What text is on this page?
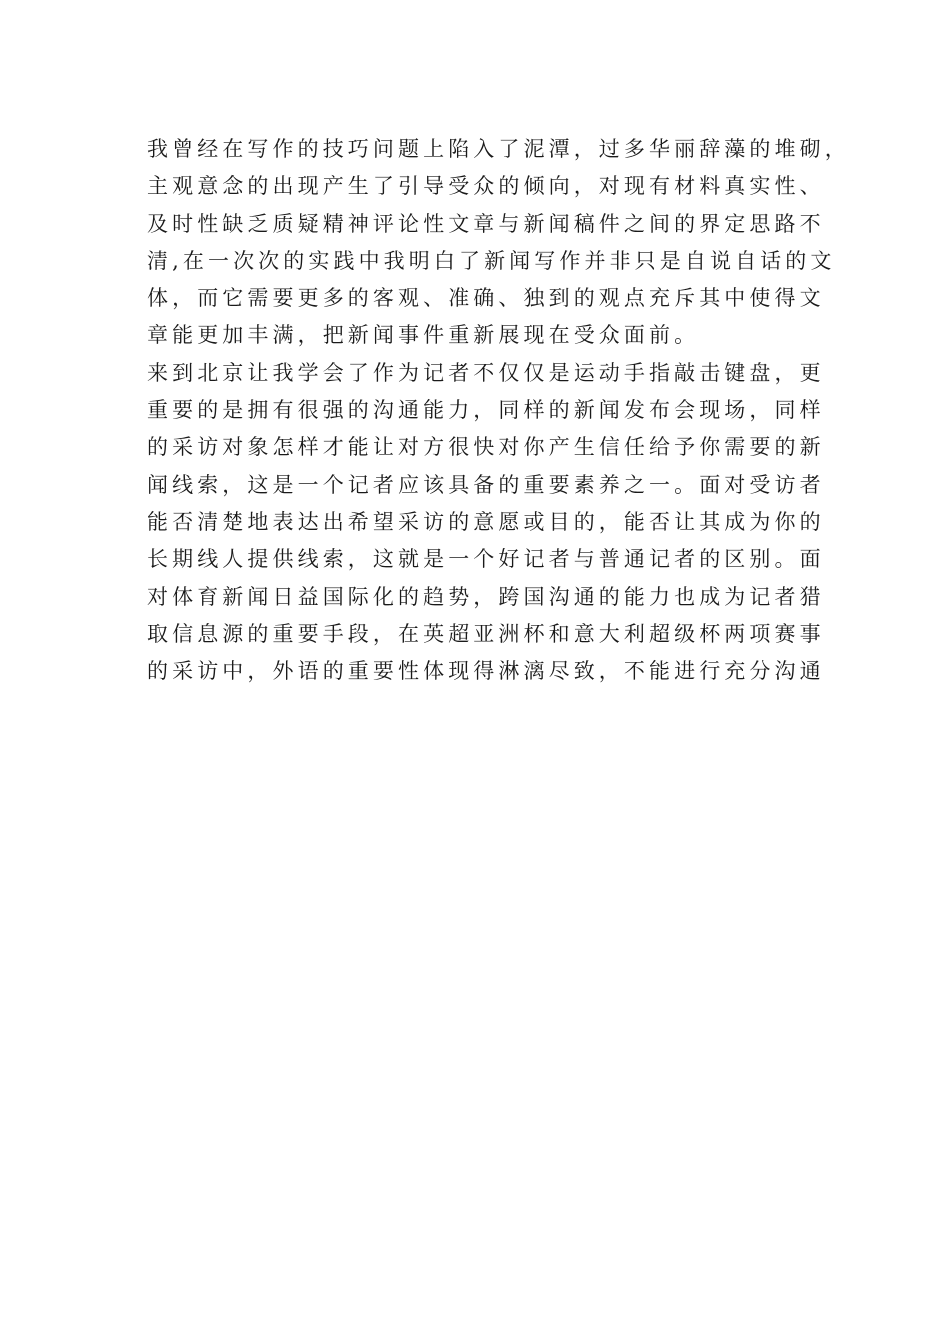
我曾经在写作的技巧问题上陷入了泥潭，过多华丽辞藻的堆砌，

主观意念的出现产生了引导受众的倾向，对现有材料真实性、

及时性缺乏质疑精神评论性文章与新闻稿件之间的界定思路不

清,在一次次的实践中我明白了新闻写作并非只是自说自话的文

体，而它需要更多的客观、准确、独到的观点充斥其中使得文

章能更加丰满，把新闻事件重新展现在受众面前。

来到北京让我学会了作为记者不仅仅是运动手指敲击键盘，更

重要的是拥有很强的沟通能力，同样的新闻发布会现场，同样

的采访对象怎样才能让对方很快对你产生信任给予你需要的新

闻线索，这是一个记者应该具备的重要素养之一。面对受访者

能否清楚地表达出希望采访的意愿或目的，能否让其成为你的

长期线人提供线索，这就是一个好记者与普通记者的区别。面

对体育新闻日益国际化的趋势，跨国沟通的能力也成为记者猎

取信息源的重要手段，在英超亚洲杯和意大利超级杯两项赛事

的采访中，外语的重要性体现得淋漓尽致，不能进行充分沟通
